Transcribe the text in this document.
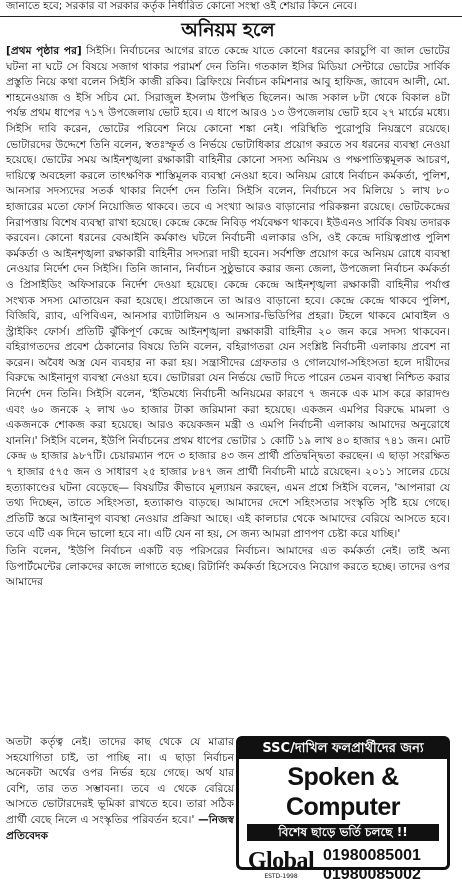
জানাতে হবে; সরকার বা সরকার কর্তৃক নির্ধারিত কোনো সংস্থা ওই শেয়ার কিনে নেবে।
অনিয়ম হলে

[প্রথম পৃষ্ঠার পর] সিইসি। নির্বাচনের আগের রাতে কেন্দ্রে যাতে কোনো ধরনের কারচুপি বা জাল ভোটের ঘটনা না ঘটে সে বিষয়ে সজাগ থাকার পরামর্শ দেন তিনি। গতকাল ইসির মিডিয়া সেন্টারে ভোটের সার্বিক প্রস্তুতি নিয়ে কথা বলেন সিইসি কাজী রকিব। ব্রিফিংয়ে নির্বাচন কমিশনার আবু হাফিজ, জাবেদ আলী, মো. শাহনেওয়াজ ও ইসি সচিব মো. সিরাজুল ইসলাম উপস্থিত ছিলেন। আজ সকাল ৮টা থেকে বিকাল ৪টা পর্যন্ত প্রথম ধাপের ৭১৭ উপজেলায় ভোট হবে। এ ধাপে আরও ১৩ উপজেলায় ভোট হবে ২৭ মার্চের মধ্যে। সিইসি দাবি করেন, ভোটের পরিবেশ নিয়ে কোনো শঙ্কা নেই। পরিস্থিতি পুরোপুরি নিয়ন্ত্রণে রয়েছে। ভোটারদের উদ্দেশে তিনি বলেন, স্বতঃস্ফূর্ত ও নির্ভয়ে ভোটাধিকার প্রয়োগ করতে সব ধরনের ব্যবস্থা নেওয়া হয়েছে। ভোটের সময় আইনশৃঙ্খলা রক্ষাকারী বাহিনীর কোনো সদস্য অনিয়ম ও পক্ষপাতিত্বমূলক আচরণ, দায়িত্বে অবহেলা করলে তাৎক্ষণিক শাস্তিমূলক ব্যবস্থা নেওয়া হবে। অনিয়ম রোধে নির্বাচন কর্মকর্তা, পুলিশ, আনসার সদস্যদের সতর্ক থাকার নির্দেশ দেন তিনি। সিইসি বলেন, নির্বাচনে সব মিলিয়ে ১ লাখ ৮০ হাজারের মতো ফোর্স নিয়োজিত থাকবে। তবে এ সংখ্যা আরও বাড়ানোর পরিকল্পনা রয়েছে। ভোটকেন্দ্রের নিরাপত্তায় বিশেষ ব্যবস্থা রাখা হয়েছে। কেন্দ্রে কেন্দ্রে নিবিড় পর্যবেক্ষণ থাকবে। ইউএনও সার্বিক বিষয় তদারক করবেন। কোনো ধরনের বেআইনি কর্মকাণ্ড ঘটলে নির্বাচনী এলাকার ওসি, ওই কেন্দ্রে দায়িত্বপ্রাপ্ত পুলিশ কর্মকর্তা ও আইনশৃঙ্খলা রক্ষাকারী বাহিনীর সদস্যরা দায়ী হবেন। সর্বশক্তি প্রয়োগ করে অনিয়ম রোধে ব্যবস্থা নেওয়ার নির্দেশ দেন সিইসি। তিনি জানান, নির্বাচন সুষ্ঠুভাবে করার জন্য জেলা, উপজেলা নির্বাচন কর্মকর্তা ও প্রিসাইডিং অফিসারকে নির্দেশ দেওয়া হয়েছে। কেন্দ্রে কেন্দ্রে আইনশৃঙ্খলা রক্ষাকারী বাহিনীর পর্যাপ্ত সংখ্যক সদস্য মোতায়েন করা হয়েছে। প্রয়োজনে তা আরও বাড়ানো হবে। কেন্দ্রে কেন্দ্রে থাকবে পুলিশ, বিজিবি, র‌্যাব, এপিবিএন, আনসার ব্যাটালিয়ন ও আনসার-ভিডিপির প্রহরা। টহলে থাকবে মোবাইল ও স্ট্রাইকিং ফোর্স। প্রতিটি ঝুঁকিপূর্ণ কেন্দ্রে আইনশৃঙ্খলা রক্ষাকারী বাহিনীর ২০ জন করে সদস্য থাকবেন। বহিরাগতদের প্রবেশ ঠেকানোর বিষয়ে তিনি বলেন, বহিরাগতরা যেন সংশ্লিষ্ট নির্বাচনী এলাকায় প্রবেশ না করেন। অবৈধ অস্ত্র যেন ব্যবহার না করা হয়। সন্ত্রাসীদের গ্রেফতার ও গোলযোগ-সহিংসতা হলে দায়ীদের বিরুদ্ধে আইনানুগ ব্যবস্থা নেওয়া হবে। ভোটাররা যেন নির্ভয়ে ভোট দিতে পারেন তেমন ব্যবস্থা নিশ্চিত করার নির্দেশ দেন তিনি। সিইসি বলেন, 'ইতিমধ্যে নির্বাচনী অনিয়মের কারণে ৭ জনকে এক মাস করে কারাদণ্ড এবং ৬০ জনকে ২ লাখ ৬০ হাজার টাকা জরিমানা করা হয়েছে। একজন এমপির বিরুদ্ধে মামলা ও একজনকে শোকজ করা হয়েছে। আরও কয়েকজন মন্ত্রী ও এমপি নির্বাচনী এলাকায় আমাদের অনুরোধে যাননি।' সিইসি বলেন, ইউপি নির্বাচনের প্রথম ধাপের ভোটার ১ কোটি ১৯ লাখ ৪০ হাজার ৭৪১ জন। মোট কেন্দ্র ৬ হাজার ৯৮৭টি। চেয়ারম্যান পদে ৩ হাজার ৪৩ জন প্রার্থী প্রতিদ্বন্দ্বিতা করছেন। এ ছাড়া সংরক্ষিত ৭ হাজার ৫৭৫ জন ও সাধারণ ২৫ হাজার ৮৪৭ জন প্রার্থী নির্বাচনী মাঠে রয়েছেন। ২০১১ সালের চেয়ে হত্যাকাণ্ডের ঘটনা বেড়েছে— বিষয়টির কীভাবে মূল্যায়ন করছেন, এমন প্রশ্নে সিইসি বলেন, 'আপনারা যে তথ্য দিচ্ছেন, তাতে সহিংসতা, হত্যাকাণ্ড বাড়ছে। আমাদের দেশে সহিংসতার সংস্কৃতি সৃষ্টি হয়ে গেছে। প্রতিটি স্তরে আইনানুগ ব্যবস্থা নেওয়ার প্রক্রিয়া আছে। এই কালচার থেকে আমাদের বেরিয়ে আসতে হবে। তবে এটি এক দিনে ভালো হবে না। এটি যেন না হয়, সে জন্য আমরা প্রাণপণ চেষ্টা করে যাচ্ছি।'

তিনি বলেন, 'ইউপি নির্বাচন একটি বড় পরিসরের নির্বাচন। আমাদের এত কর্মকর্তা নেই। তাই অন্য ডিপার্টমেন্টের লোকদের কাজে লাগাতে হচ্ছে। রিটার্নিং কর্মকর্তা হিসেবেও নিয়োগ করতে হচ্ছে। তাদের ওপর আমাদের

অতটা কর্তৃত্ব নেই। তাদের কাছ থেকে যে মাত্রার সহযোগিতা চাই, তা পাচ্ছি না। এ ছাড়া নির্বাচন অনেকটা অর্থের ওপর নির্ভর হয়ে গেছে। অর্থ যার বেশি, তার তত সম্ভাবনা। তবে এ থেকে বেরিয়ে আসতে ভোটারদেরই ভূমিকা রাখতে হবে। তারা সঠিক প্রার্থী বেছে নিলে এ সংস্কৃতির পরিবর্তন হবে।' —নিজস্ব প্রতিবেদক

SSC/দাখিল ফলপ্রার্থীদের জন্য
Spoken & Computer
বিশেষ ছাড়ে ভর্তি চলছে !!
Global
ESTD-1998
01980085001
01980085002
